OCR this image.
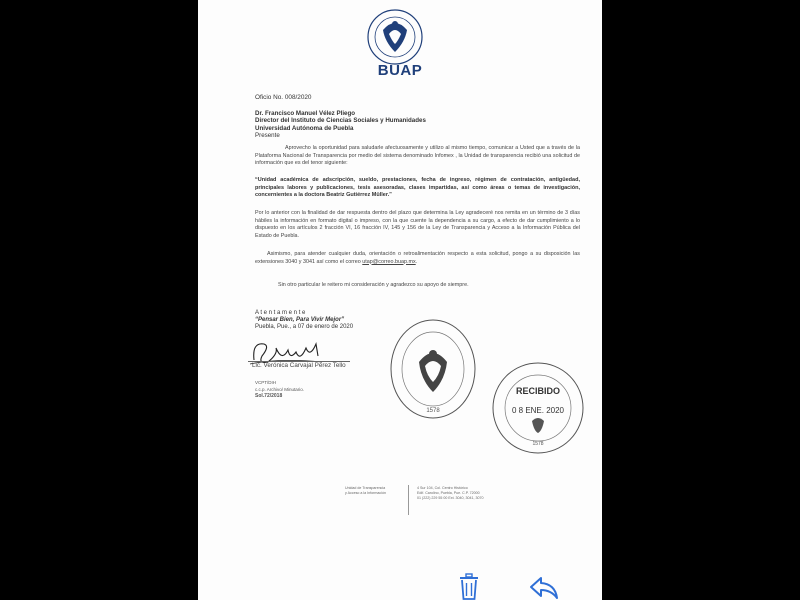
BUAP
Oficio No. 008/2020
Dr. Francisco Manuel Vélez Pliego
Director del Instituto de Ciencias Sociales y Humanidades
Universidad Autónoma de Puebla
Presente
Aprovecho la oportunidad para saludarle afectuosamente y utilizo al mismo tiempo, comunicar a Usted que a través de la Plataforma Nacional de Transparencia por medio del sistema denominado Infomex , la Unidad de transparencia recibió una solicitud de información que es del tenor siguiente:
“Unidad académica de adscripción, sueldo, prestaciones, fecha de ingreso, régimen de contratación, antigüedad, principales labores y publicaciones, tesis asesoradas, clases impartidas, así como áreas o temas de investigación, concernientes a la doctora Beatriz Gutiérrez Müller.”
Por lo anterior con la finalidad de dar respuesta dentro del plazo que determina la Ley agradeceré nos remita en un término de 3 días hábiles la información en formato digital o impreso, con la que cuente la dependencia a su cargo, a efecto de dar cumplimiento a lo dispuesto en los artículos 2 fracción VI, 16 fracción IV, 145 y 156 de la Ley de Transparencia y Acceso a la Información Pública del Estado de Puebla.
Asimismo, para atender cualquier duda, orientación o retroalimentación respecto a esta solicitud, pongo a su disposición las extensiones 3040 y 3041 así como el correo utap@correo.buap.mx.
Sin otro particular le reitero mi consideración y agradezco su apoyo de siempre.
A t e n t a m e n t e
“Pensar Bien, Para Vivir Mejor”
Puebla, Pue., a 07 de enero de 2020
Lic. Verónica Carvajal Pérez Tello
VCPT/DIH
c.c.p. Archivo/ Minutario.
Sol.72/2018
1578
RECIBIDO
0 8 ENE. 2020
1578
Unidad de Transparencia
y Acceso a la Información
4 Sur 104, Col. Centro Histórico
Edif. Carolino, Puebla, Pue. C.P. 72000
01 (222) 229 55 00 Ext. 3040, 3041, 3070
